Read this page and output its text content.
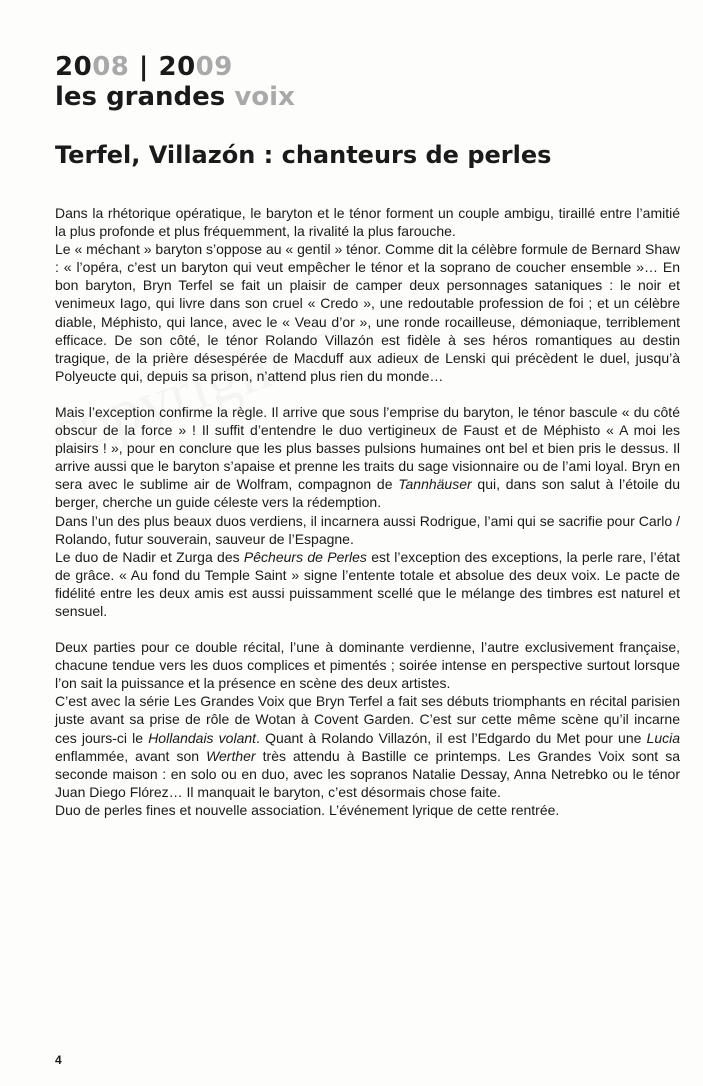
2008 | 2009
les grandes voix
Terfel, Villazón : chanteurs de perles

Dans la rhétorique opératique, le baryton et le ténor forment un couple ambigu, tiraillé entre l’amitié la plus profonde et plus fréquemment, la rivalité la plus farouche.

Le « méchant » baryton s’oppose au « gentil » ténor. Comme dit la célèbre formule de Bernard Shaw : « l’opéra, c’est un baryton qui veut empêcher le ténor et la soprano de coucher ensemble »… En bon baryton, Bryn Terfel se fait un plaisir de camper deux personnages sataniques : le noir et venimeux Iago, qui livre dans son cruel « Credo », une redoutable profession de foi ; et un célèbre diable, Méphisto, qui lance, avec le « Veau d’or », une ronde rocailleuse, démoniaque, terriblement efficace. De son côté, le ténor Rolando Villazón est fidèle à ses héros romantiques au destin tragique, de la prière désespérée de Macduff aux adieux de Lenski qui précèdent le duel, jusqu’à Polyeucte qui, depuis sa prison, n’attend plus rien du monde…

Mais l’exception confirme la règle. Il arrive que sous l’emprise du baryton, le ténor bascule « du côté obscur de la force » ! Il suffit d’entendre le duo vertigineux de Faust et de Méphisto « A moi les plaisirs ! », pour en conclure que les plus basses pulsions humaines ont bel et bien pris le dessus. Il arrive aussi que le baryton s’apaise et prenne les traits du sage visionnaire ou de l’ami loyal. Bryn en sera avec le sublime air de Wolfram, compagnon de Tannhäuser qui, dans son salut à l’étoile du berger, cherche un guide céleste vers la rédemption.

Dans l’un des plus beaux duos verdiens, il incarnera aussi Rodrigue, l’ami qui se sacrifie pour Carlo / Rolando, futur souverain, sauveur de l’Espagne.

Le duo de Nadir et Zurga des Pêcheurs de Perles est l’exception des exceptions, la perle rare, l’état de grâce. « Au fond du Temple Saint » signe l’entente totale et absolue des deux voix. Le pacte de fidélité entre les deux amis est aussi puissamment scellé que le mélange des timbres est naturel et sensuel.

Deux parties pour ce double récital, l’une à dominante verdienne, l’autre exclusivement française, chacune tendue vers les duos complices et pimentés ; soirée intense en perspective surtout lorsque l’on sait la puissance et la présence en scène des deux artistes.

C’est avec la série Les Grandes Voix que Bryn Terfel a fait ses débuts triomphants en récital parisien juste avant sa prise de rôle de Wotan à Covent Garden. C’est sur cette même scène qu’il incarne ces jours-ci le Hollandais volant. Quant à Rolando Villazón, il est l’Edgardo du Met pour une Lucia enflammée, avant son Werther très attendu à Bastille ce printemps. Les Grandes Voix sont sa seconde maison : en solo ou en duo, avec les sopranos Natalie Dessay, Anna Netrebko ou le ténor Juan Diego Flórez… Il manquait le baryton, c’est désormais chose faite.

Duo de perles fines et nouvelle association. L’événement lyrique de cette rentrée.

4
